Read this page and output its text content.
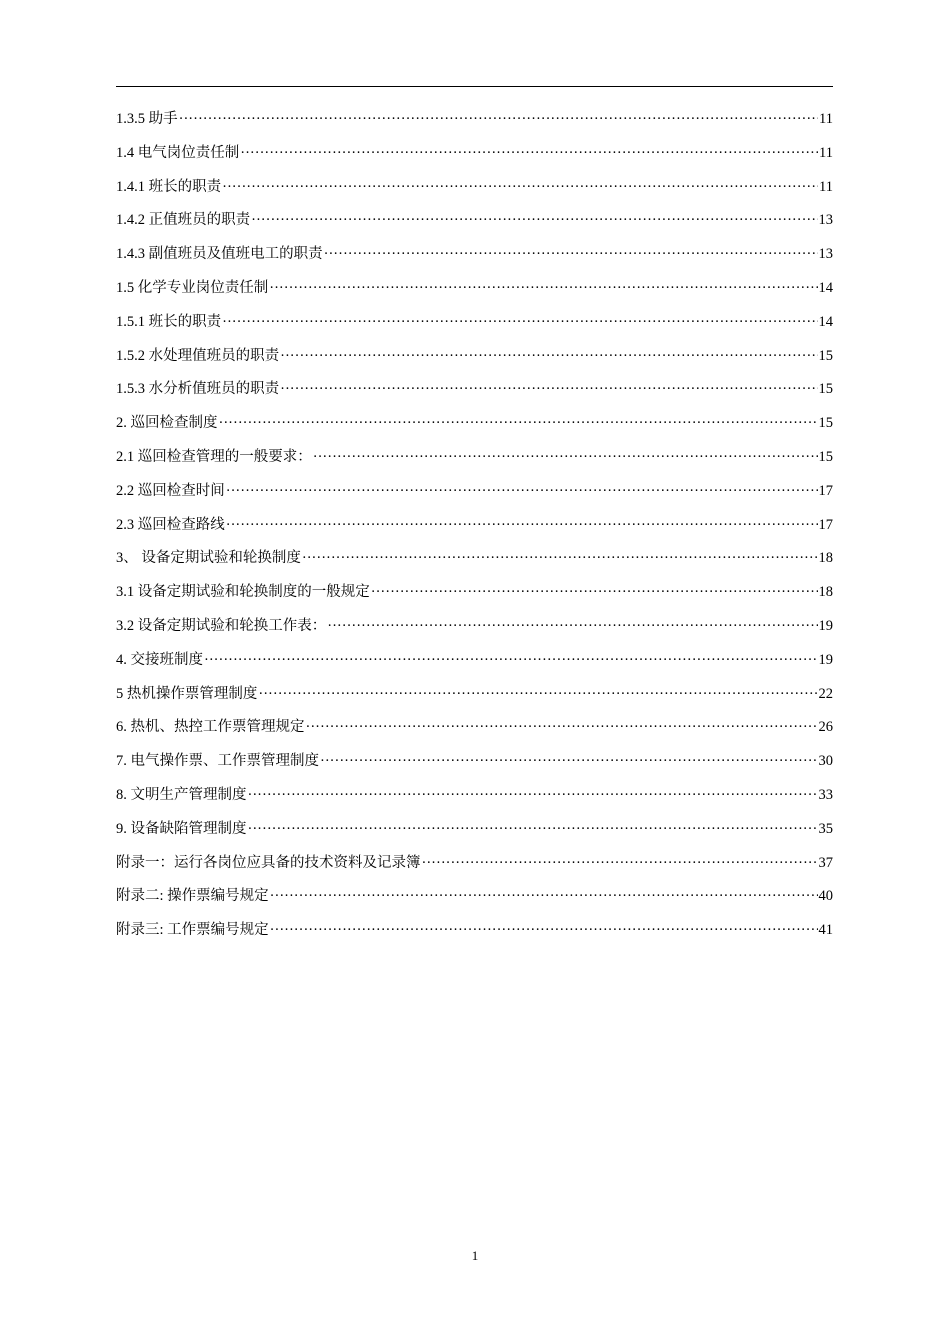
1.3.5 助手 ·····	11
1.4 电气岗位责任制 ·····	11
1.4.1 班长的职责 ·····	11
1.4.2 正值班员的职责 ·····	13
1.4.3 副值班员及值班电工的职责 ·····	13
1.5 化学专业岗位责任制 ·····	14
1.5.1 班长的职责 ·····	14
1.5.2 水处理值班员的职责 ·····	15
1.5.3 水分析值班员的职责 ·····	15
2. 巡回检查制度 ·····	15
2.1 巡回检查管理的一般要求： ·····	15
2.2 巡回检查时间 ·····	17
2.3 巡回检查路线 ·····	17
3、 设备定期试验和轮换制度 ·····	18
3.1 设备定期试验和轮换制度的一般规定 ·····	18
3.2 设备定期试验和轮换工作表： ·····	19
4. 交接班制度 ·····	19
5 热机操作票管理制度 ·····	22
6. 热机、热控工作票管理规定 ·····	26
7. 电气操作票、工作票管理制度 ·····	30
8. 文明生产管理制度 ·····	33
9. 设备缺陷管理制度 ·····	35
附录一：运行各岗位应具备的技术资料及记录簿 ·····	37
附录二: 操作票编号规定 ·····	40
附录三: 工作票编号规定 ·····	41
1
